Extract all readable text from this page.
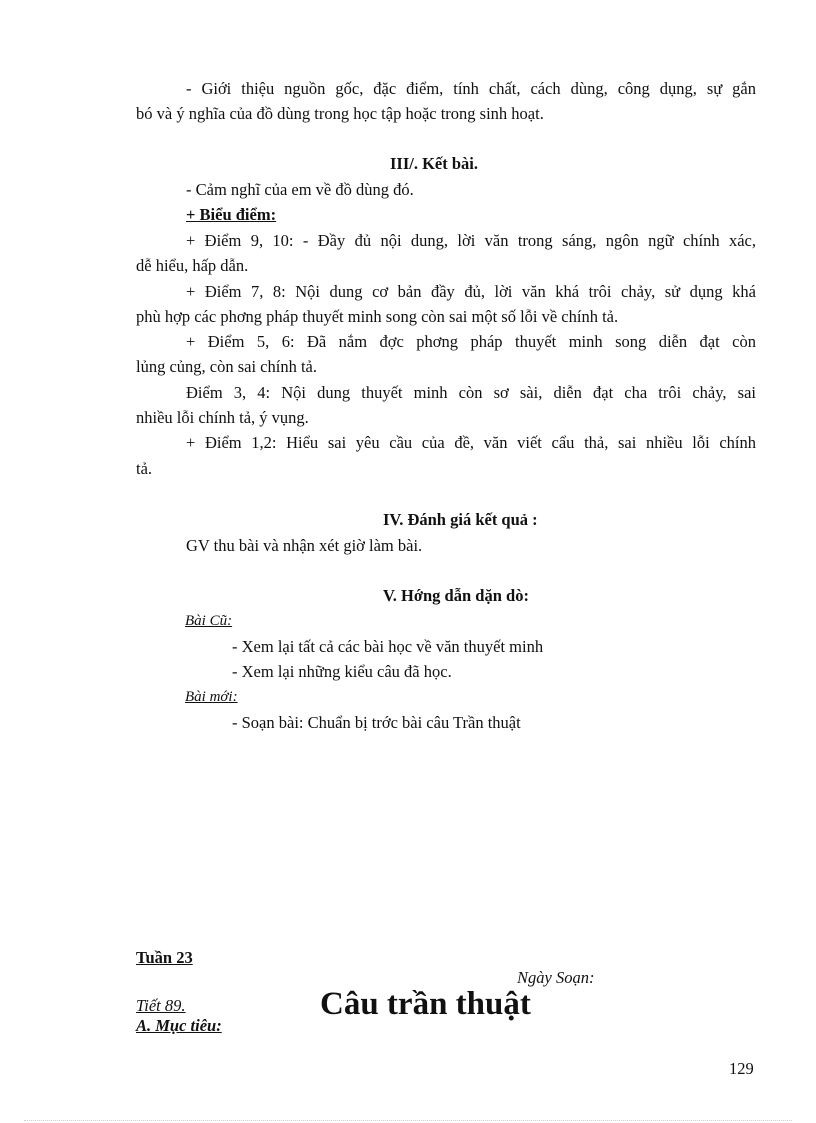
- Giới thiệu nguồn gốc, đặc điểm, tính chất, cách dùng, công dụng, sự gắn
bó và ý nghĩa của đồ dùng trong học tập hoặc trong sinh hoạt.
III/. Kết bài.
- Cảm nghĩ của em về đồ dùng đó.
+ Biểu điểm:
+ Điểm 9, 10: - Đầy đủ nội dung, lời văn trong sáng, ngôn ngữ chính xác,
dễ hiểu, hấp dẫn.
+ Điểm 7, 8: Nội dung cơ bản đầy đủ, lời văn khá trôi chảy, sử dụng khá
phù hợp các phơng pháp thuyết minh song còn sai một số lỗi về chính tả.
+ Điểm 5, 6: Đã nắm đợc phơng pháp thuyết minh song diễn đạt còn
lủng củng, còn sai chính tả.
Điểm 3, 4: Nội dung thuyết minh còn sơ sài, diễn đạt cha trôi chảy, sai
nhiều lỗi chính tả, ý vụng.
+ Điểm 1,2: Hiểu sai yêu cầu của đề, văn viết cẩu thả, sai nhiều lỗi chính
tả.
IV. Đánh giá kết quả :
GV thu bài và nhận xét giờ làm bài.
V. Hớng dẫn dặn dò:
Bài Cũ:
- Xem lại tất cả các bài học về văn thuyết minh
- Xem lại những kiểu câu đã học.
Bài mới:
- Soạn bài: Chuẩn bị trớc bài câu Trần thuật
Tuần 23
Ngày Soạn:
Tiết 89.	Câu trần thuật
A. Mục tiêu:
129
